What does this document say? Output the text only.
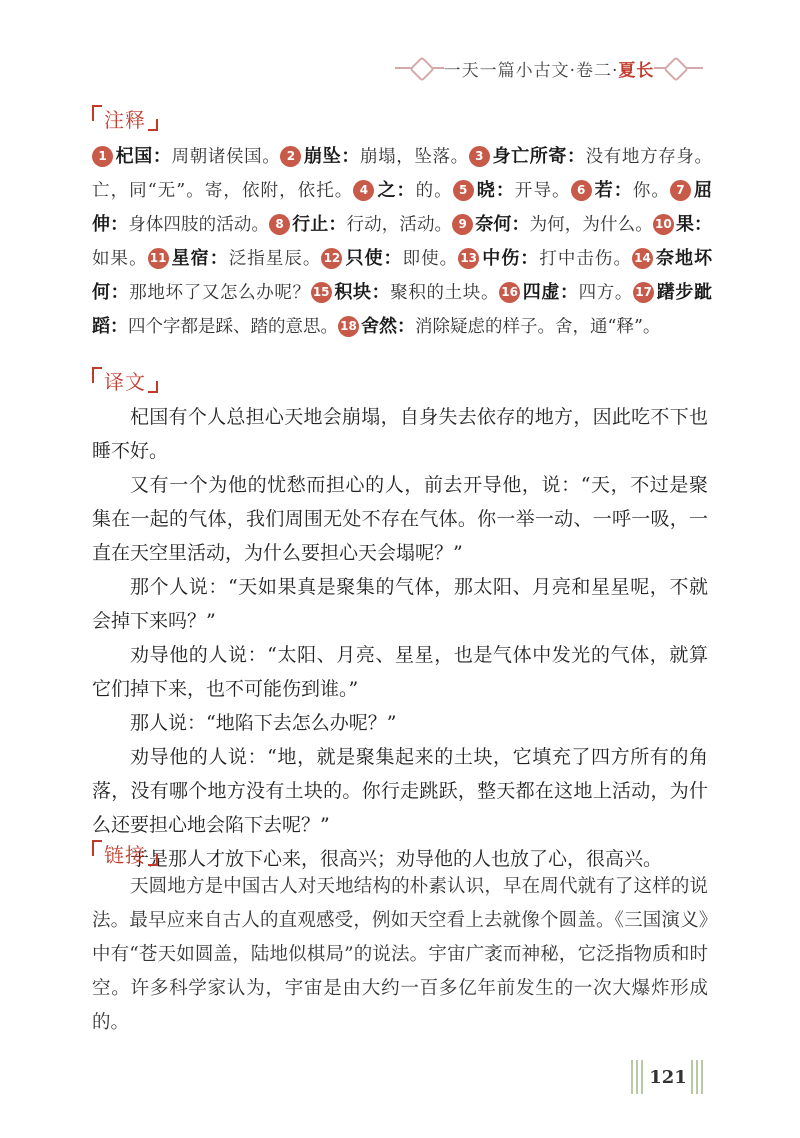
一天一篇小古文·卷二·夏长
注释
1 杞国：周朝诸侯国。 2 崩坠：崩塌，坠落。 3 身亡所寄：没有地方存身。亡，同“无”。寄，依附，依托。 4 之：的。 5 晓：开导。 6 若：你。 7 屈伸：身体四肢的活动。 8 行止：行动，活动。 9 奈何：为何，为什么。 10 果：如果。 11 星宿：泛指星辰。 12 只使：即使。 13 中伤：打中击伤。 14 奈地坏何：那地坏了又怎么办呢？ 15 积块：聚积的土块。 16 四虚：四方。 17 躇步跐蹈：四个字都是踩、踏的意思。 18 舍然：消除疑虑的样子。舍，通“释”。
译文

杞国有个人总担心天地会崩塌，自身失去依存的地方，因此吃不下也睡不好。

又有一个为他的忧愁而担心的人，前去开导他，说：“天，不过是聚集在一起的气体，我们周围无处不存在气体。你一举一动、一呼一吸，一直在天空里活动，为什么要担心天会塌呢？”

那个人说：“天如果真是聚集的气体，那太阳、月亮和星星呢，不就会掉下来吗？”

劝导他的人说：“太阳、月亮、星星，也是气体中发光的气体，就算它们掉下来，也不可能伤到谁。”

那人说：“地陷下去怎么办呢？”

劝导他的人说：“地，就是聚集起来的土块，它填充了四方所有的角落，没有哪个地方没有土块的。你行走跳跃，整天都在这地上活动，为什么还要担心地会陷下去呢？”

于是那人才放下心来，很高兴；劝导他的人也放了心，很高兴。

链接

天圆地方是中国古人对天地结构的朴素认识，早在周代就有了这样的说法。最早应来自古人的直观感受，例如天空看上去就像个圆盖。《三国演义》中有“苍天如圆盖，陆地似棋局”的说法。宇宙广袤而神秘，它泛指物质和时空。许多科学家认为，宇宙是由大约一百多亿年前发生的一次大爆炸形成的。

121
